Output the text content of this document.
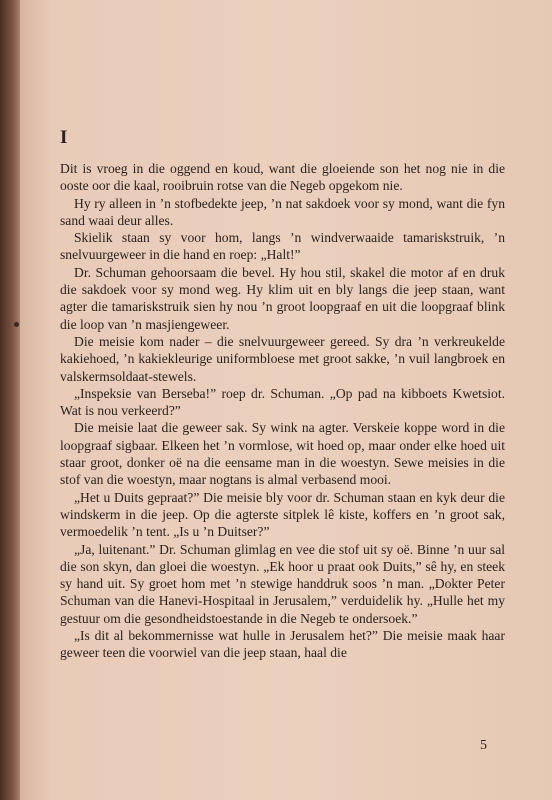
I

Dit is vroeg in die oggend en koud, want die gloeiende son het nog nie in die ooste oor die kaal, rooibruin rotse van die Negeb opgekom nie.

Hy ry alleen in ’n stofbedekte jeep, ’n nat sakdoek voor sy mond, want die fyn sand waai deur alles.

Skielik staan sy voor hom, langs ’n windverwaaide tamariskstruik, ’n snelvuurgeweer in die hand en roep: „Halt!”

Dr. Schuman gehoorsaam die bevel. Hy hou stil, skakel die motor af en druk die sakdoek voor sy mond weg. Hy klim uit en bly langs die jeep staan, want agter die tamariskstruik sien hy nou ’n groot loopgraaf en uit die loopgraaf blink die loop van ’n masjiengeweer.

Die meisie kom nader – die snelvuurgeweer gereed. Sy dra ’n verkreukelde kakiehoed, ’n kakiekleurige uniformbloese met groot sakke, ’n vuil langbroek en valskermsoldaat-stewels.

„Inspeksie van Berseba!” roep dr. Schuman. „Op pad na kibboets Kwetsiot. Wat is nou verkeerd?”

Die meisie laat die geweer sak. Sy wink na agter. Verskeie koppe word in die loopgraaf sigbaar. Elkeen het ’n vormlose, wit hoed op, maar onder elke hoed uit staar groot, donker oë na die eensame man in die woestyn. Sewe meisies in die stof van die woestyn, maar nogtans is almal verbasend mooi.

„Het u Duits gepraat?” Die meisie bly voor dr. Schuman staan en kyk deur die windskerm in die jeep. Op die agterste sitplek lê kiste, koffers en ’n groot sak, vermoedelik ’n tent. „Is u ’n Duitser?”

„Ja, luitenant.” Dr. Schuman glimlag en vee die stof uit sy oë. Binne ’n uur sal die son skyn, dan gloei die woestyn. „Ek hoor u praat ook Duits,” sê hy, en steek sy hand uit. Sy groet hom met ’n stewige handdruk soos ’n man. „Dokter Peter Schuman van die Hanevi-Hospitaal in Jerusalem,” verduidelik hy. „Hulle het my gestuur om die gesondheidstoestande in die Negeb te ondersoek.”

„Is dit al bekommernisse wat hulle in Jerusalem het?” Die meisie maak haar geweer teen die voorwiel van die jeep staan, haal die

5
